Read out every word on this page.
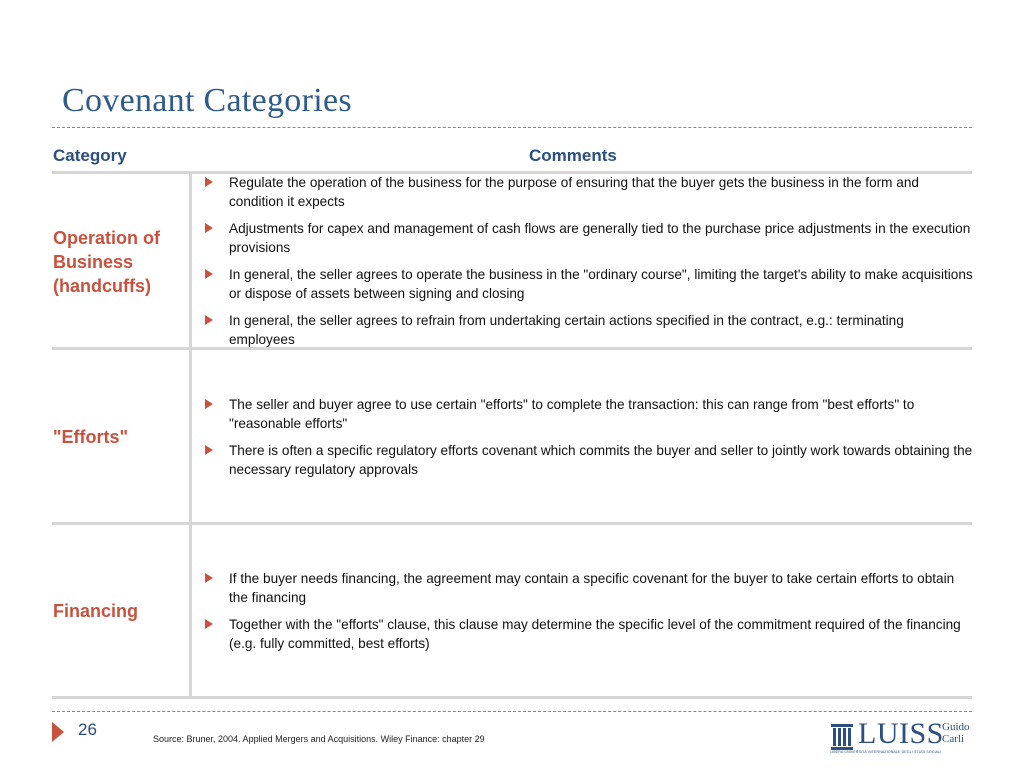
Covenant Categories
Category	Comments
Operation of Business (handcuffs)
Regulate the operation of the business for the purpose of ensuring that the buyer gets the business in the form and condition it expects
Adjustments for capex and management of cash flows are generally tied to the purchase price adjustments in the execution provisions
In general, the seller agrees to operate the business in the "ordinary course", limiting the target's ability to make acquisitions or dispose of assets between signing and closing
In general, the seller agrees to refrain from undertaking certain actions specified in the contract, e.g.: terminating employees
"Efforts"
The seller and buyer agree to use certain "efforts" to complete the transaction: this can range from "best efforts" to "reasonable efforts"
There is often a specific regulatory efforts covenant which commits the buyer and seller to jointly work towards obtaining the necessary regulatory approvals
Financing
If the buyer needs financing, the agreement may contain a specific covenant for the buyer to take certain efforts to obtain the financing
Together with the "efforts" clause, this clause may determine the specific level of the commitment required of the financing (e.g. fully committed, best efforts)
26	Source: Bruner, 2004. Applied Mergers and Acquisitions. Wiley Finance: chapter 29	LUISS
Guido
Carli
LIBERA UNIVERSITÀ INTERNAZIONALE DEGLI STUDI SOCIALI
